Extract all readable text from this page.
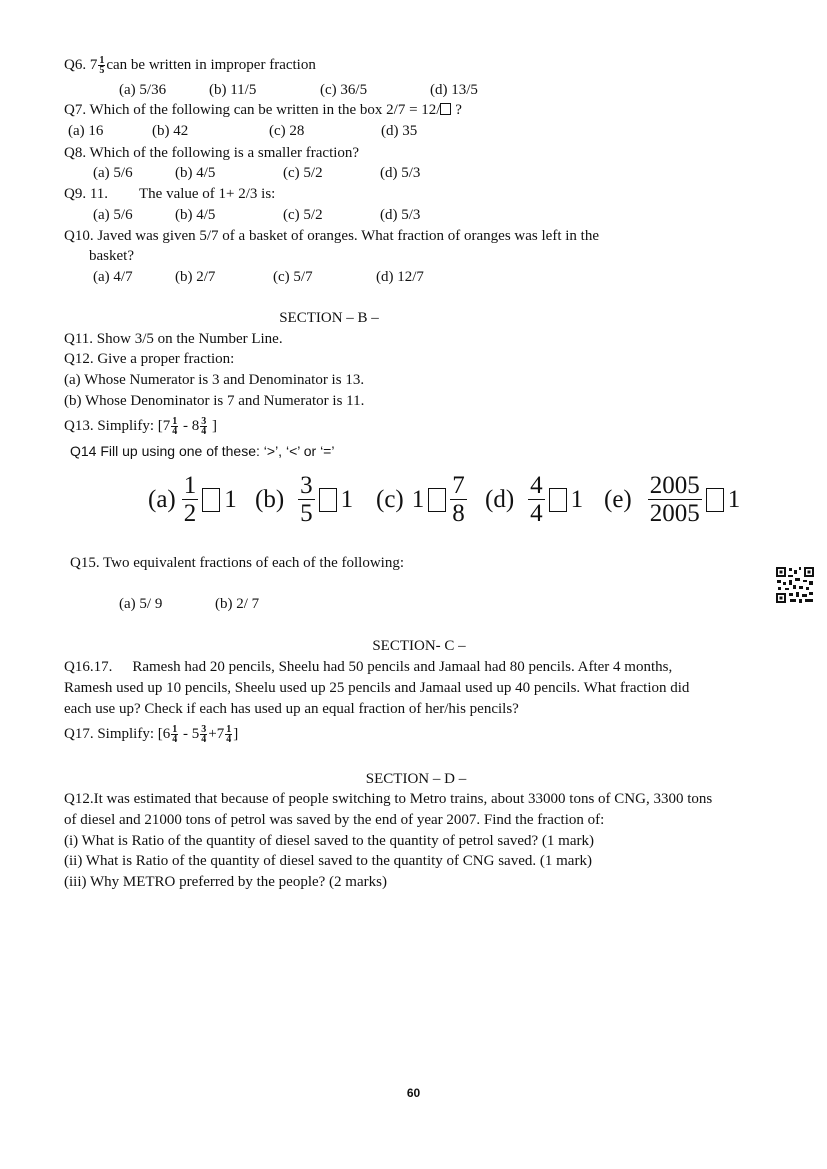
Q6. $7 \frac{1}{5}$ can be written in improper fraction
(a) 5/36	(b) 11/5	(c) 36/5	(d) 13/5
Q7. Which of the following can be written in the box 2/7 = 12/ ?
(a) 16	(b) 42	(c) 28	(d) 35
Q8. Which of the following is a smaller fraction?
(a) 5/6	(b) 4/5	(c) 5/2	(d) 5/3
Q9. 11. The value of 1+ 2/3 is:
(a) 5/6	(b) 4/5	(c) 5/2	(d) 5/3
Q10. Javed was given 5/7 of a basket of oranges. What fraction of oranges was left in the
basket?
(a) 4/7	(b) 2/7	(c) 5/7	(d) 12/7
SECTION – B –
Q11. Show 3/5 on the Number Line.
Q12. Give a proper fraction:
(a) Whose Numerator is 3 and Denominator is 13.
(b) Whose Denominator is 7 and Numerator is 11.
Q13. Simplify: [$7 \frac{1}{4} - 8 \frac{3}{4}$ ]
Q14 Fill up using one of these: ‘>’, ‘<’ or ‘=’
$(a) \frac{1}{2} 1$ $(b) \frac{3}{5} 1$ (c) $1 \frac{7}{8} (d) \frac{4}{4} 1$ $(e) \frac{2005}{2005} 1$
Q15. Two equivalent fractions of each of the following:
(a) 5/ 9	(b) 2/ 7
SECTION- C –
Q16.17. Ramesh had 20 pencils, Sheelu had 50 pencils and Jamaal had 80 pencils. After 4 months,
Ramesh used up 10 pencils, Sheelu used up 25 pencils and Jamaal used up 40 pencils. What fraction did
each use up? Check if each has used up an equal fraction of her/his pencils?
Q17. Simplify: [$6 \frac{1}{4} - 5 \frac{3}{4} +7 \frac{1}{4}$ ]
SECTION – D –
Q12.It was estimated that because of people switching to Metro trains, about 33000 tons of CNG, 3300 tons
of diesel and 21000 tons of petrol was saved by the end of year 2007. Find the fraction of:
(i) What is Ratio of the quantity of diesel saved to the quantity of petrol saved? (1 mark)
(ii) What is Ratio of the quantity of diesel saved to the quantity of CNG saved. (1 mark)
(iii) Why METRO preferred by the people? (2 marks)
60
